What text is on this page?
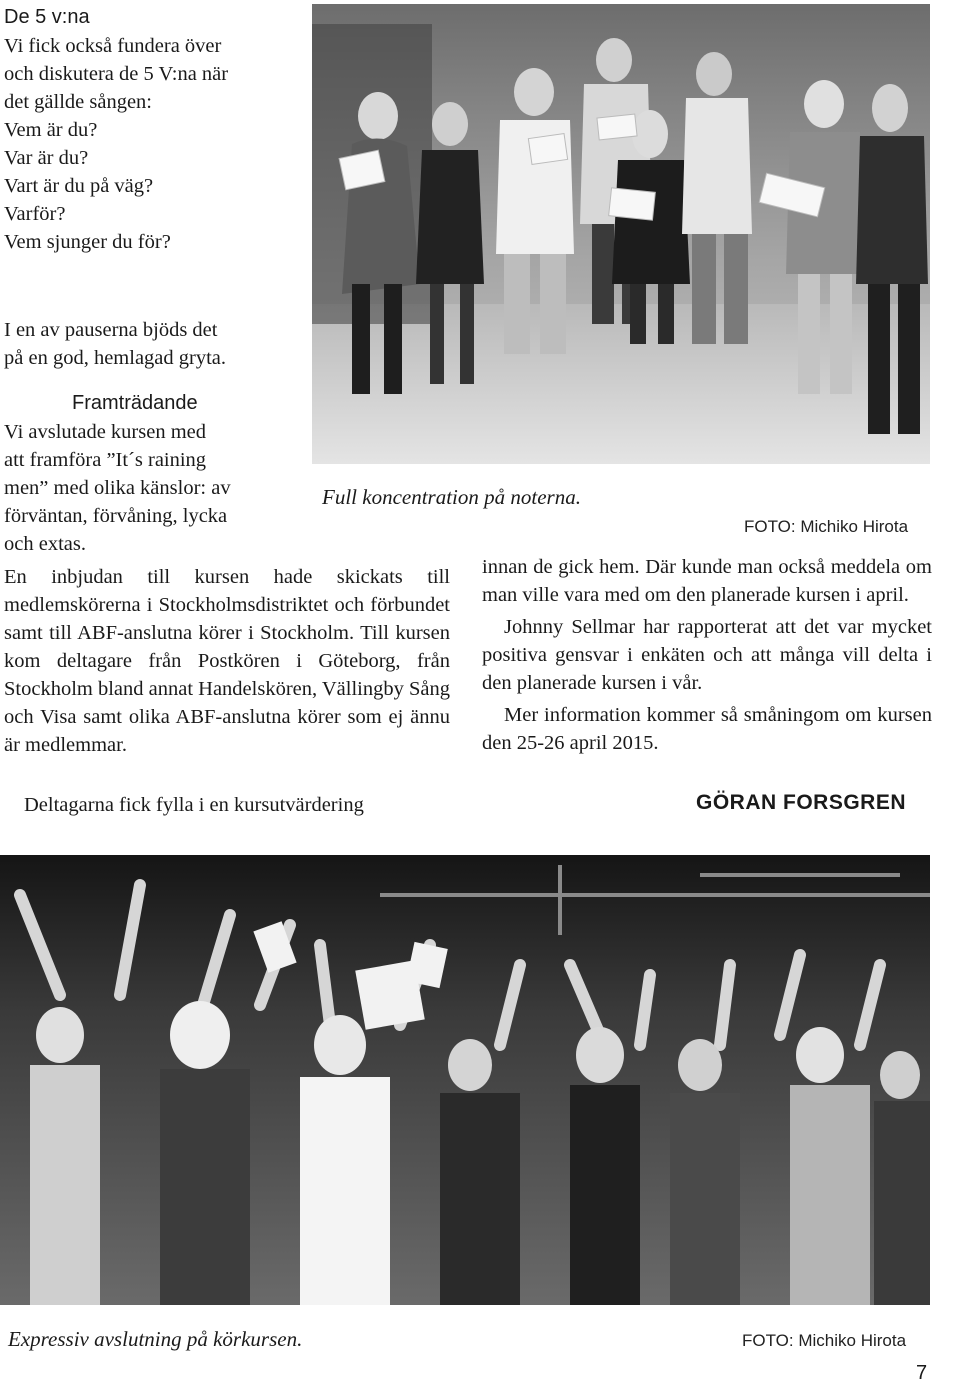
De 5 v:na
Vi fick också fundera över
och diskutera de 5 V:na när
det gällde sången:
Vem är du?
Var är du?
Vart är du på väg?
Varför?
Vem sjunger du för?
I en av pauserna bjöds det
på en god, hemlagad gryta.
Framträdande
Vi avslutade kursen med
att framföra ”It´s raining
men” med olika känslor: av
förväntan, förvåning, lycka
och extas.
Full koncentration på noterna.
FOTO: Michiko Hirota
En inbjudan till kursen hade skickats till medlemskörerna i Stockholmsdistriktet och förbundet samt till ABF-anslutna körer i Stockholm. Till kursen kom deltagare från Postkören i Göteborg, från Stockholm bland annat Handelskören, Vällingby Sång och Visa samt olika ABF-anslutna körer som ej ännu är medlemmar.
Deltagarna fick fylla i en kursutvärdering
innan de gick hem. Där kunde man också meddela om man ville vara med om den planerade kursen i april.
Johnny Sellmar har rapporterat att det var mycket positiva gensvar i enkäten och att många vill delta i den planerade kursen i vår.
Mer information kommer så småningom om kursen den 25-26 april 2015.
GÖRAN FORSGREN
Expressiv avslutning på körkursen.	FOTO: Michiko Hirota
7
